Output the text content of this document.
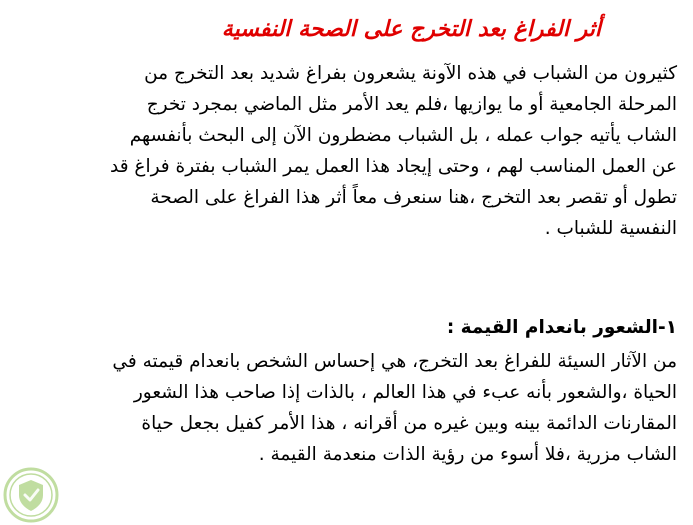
أثر الفراغ بعد التخرج على الصحة النفسية
كثيرون من الشباب في هذه الآونة يشعرون بفراغ شديد بعد التخرج من
المرحلة الجامعية أو ما يوازيها ،فلم يعد الأمر مثل الماضي بمجرد تخرج
الشاب يأتيه جواب عمله ، بل الشباب مضطرون الآن إلى البحث بأنفسهم
عن العمل المناسب لهم ، وحتى إيجاد هذا العمل يمر الشباب بفترة فراغ قد
تطول أو تقصر بعد التخرج ،هنا سنعرف معاً أثر هذا الفراغ على الصحة
النفسية للشباب .
١-الشعور بانعدام القيمة :
من الآثار السيئة للفراغ بعد التخرج، هي إحساس الشخص بانعدام قيمته في
الحياة ،والشعور بأنه عبء في هذا العالم ، بالذات إذا صاحب هذا الشعور
المقارنات الدائمة بينه وبين غيره من أقرانه ، هذا الأمر كفيل بجعل حياة
الشاب مزرية ،فلا أسوء من رؤية الذات منعدمة القيمة .
